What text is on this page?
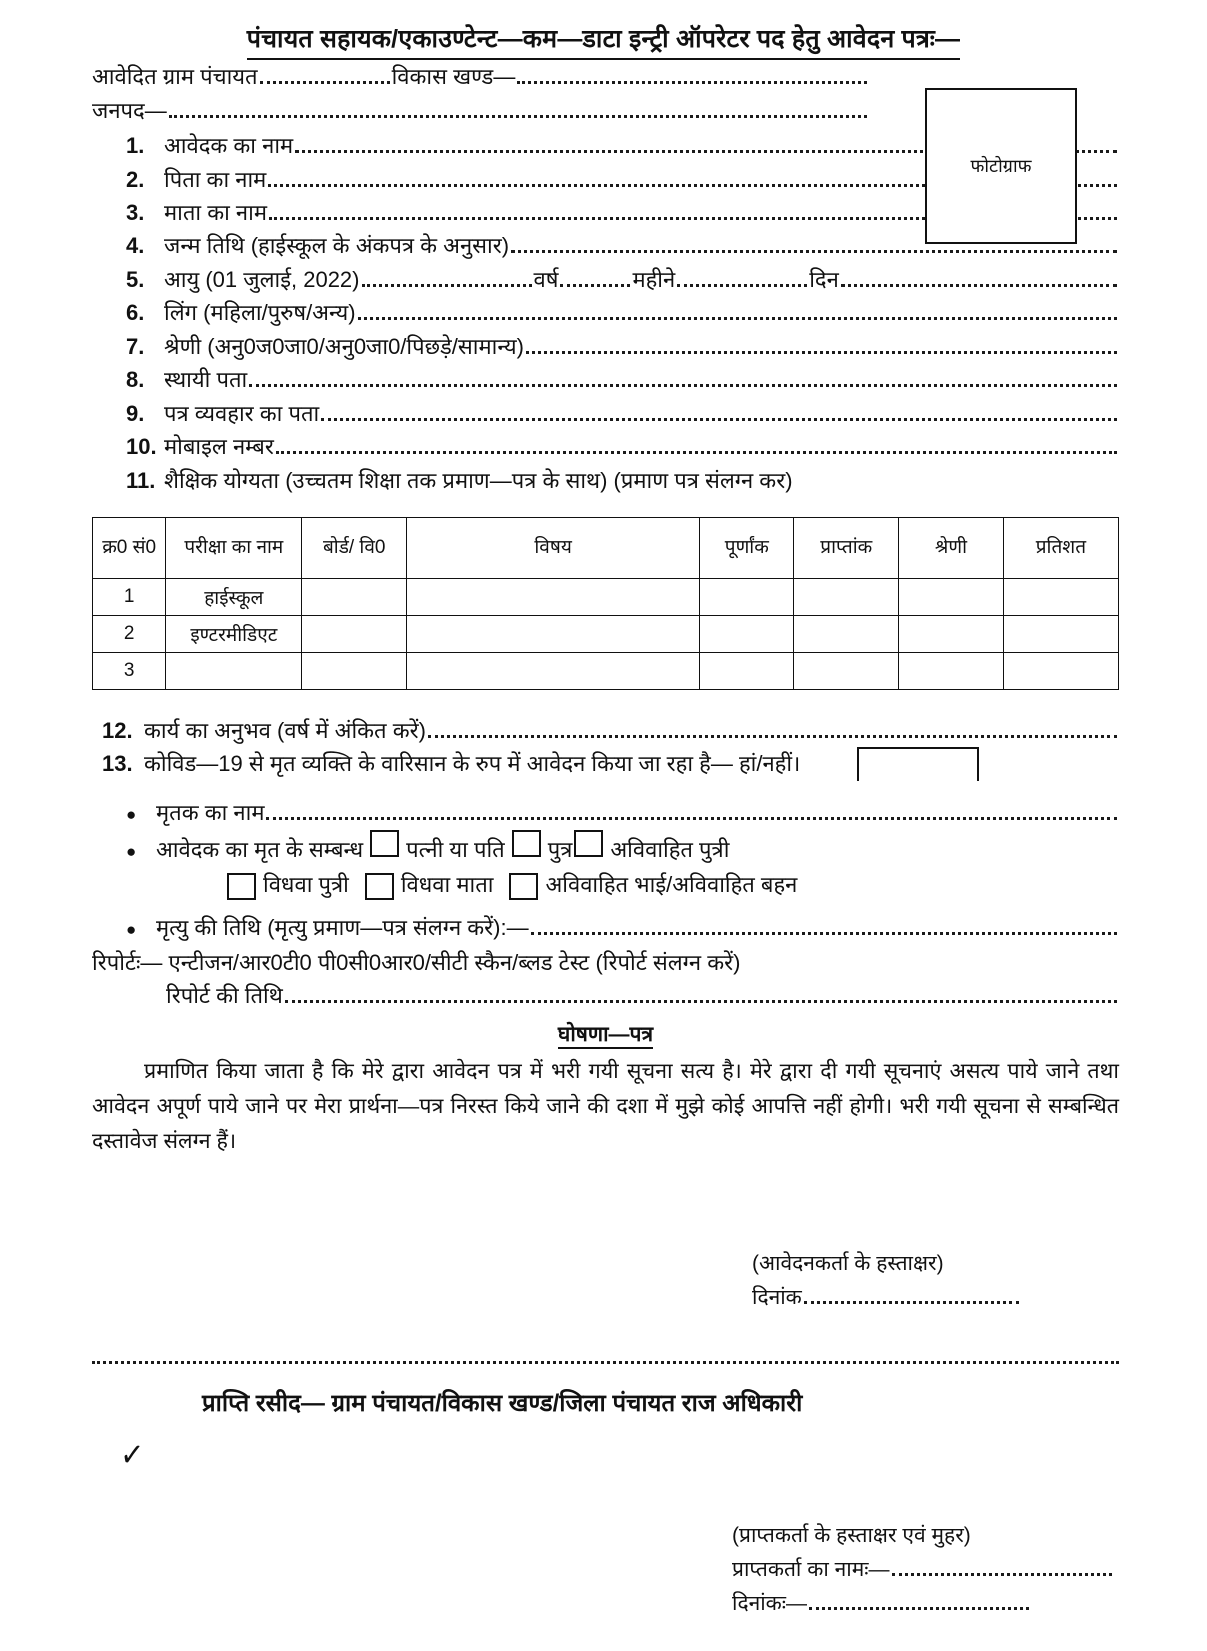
पंचायत सहायक/एकाउण्टेन्ट—कम—डाटा इन्ट्री ऑपरेटर पद हेतु आवेदन पत्रः—
फोटोग्राफ
आवेदित ग्राम पंचायत	विकास खण्ड—
जनपद—
1. आवेदक का नाम
2. पिता का नाम
3. माता का नाम
4. जन्म तिथि (हाईस्कूल के अंकपत्र के अनुसार)
5. आयु (01 जुलाई, 2022)	वर्ष	महीने	दिन
6. लिंग (महिला/पुरुष/अन्य)
7. श्रेणी (अनु0ज0जा0/अनु0जा0/पिछड़े/सामान्य)
8. स्थायी पता
9. पत्र व्यवहार का पता
10. मोबाइल नम्बर
11. शैक्षिक योग्यता (उच्चतम शिक्षा तक प्रमाण—पत्र के साथ) (प्रमाण पत्र संलग्न कर)
क्र0 सं0	परीक्षा का नाम	बोर्ड/ वि0	विषय	पूर्णांक	प्राप्तांक	श्रेणी	प्रतिशत
1	हाईस्कूल						
2	इण्टरमीडिएट						
3							
12. कार्य का अनुभव (वर्ष में अंकित करें)
13. कोविड—19 से मृत व्यक्ति के वारिसान के रुप में आवेदन किया जा रहा है— हां/नहीं।
● मृतक का नाम
● आवेदक का मृत के सम्बन्ध पत्नी या पति पुत्र अविवाहित पुत्री
विधवा पुत्री विधवा माता अविवाहित भाई/अविवाहित बहन
● मृत्यु की तिथि (मृत्यु प्रमाण—पत्र संलग्न करें):—
रिपोर्टः— एन्टीजन/आर0टी0 पी0सी0आर0/सीटी स्कैन/ब्लड टेस्ट (रिपोर्ट संलग्न करें)
रिपोर्ट की तिथि
घोषणा—पत्र
प्रमाणित किया जाता है कि मेरे द्वारा आवेदन पत्र में भरी गयी सूचना सत्य है। मेरे द्वारा दी गयी सूचनाएं असत्य पाये जाने तथा आवेदन अपूर्ण पाये जाने पर मेरा प्रार्थना—पत्र निरस्त किये जाने की दशा में मुझे कोई आपत्ति नहीं होगी। भरी गयी सूचना से सम्बन्धित दस्तावेज संलग्न हैं।
(आवेदनकर्ता के हस्ताक्षर)
दिनांक
प्राप्ति रसीद— ग्राम पंचायत/विकास खण्ड/जिला पंचायत राज अधिकारी
✓
(प्राप्तकर्ता के हस्ताक्षर एवं मुहर)
प्राप्तकर्ता का नामः—
दिनांकः—
